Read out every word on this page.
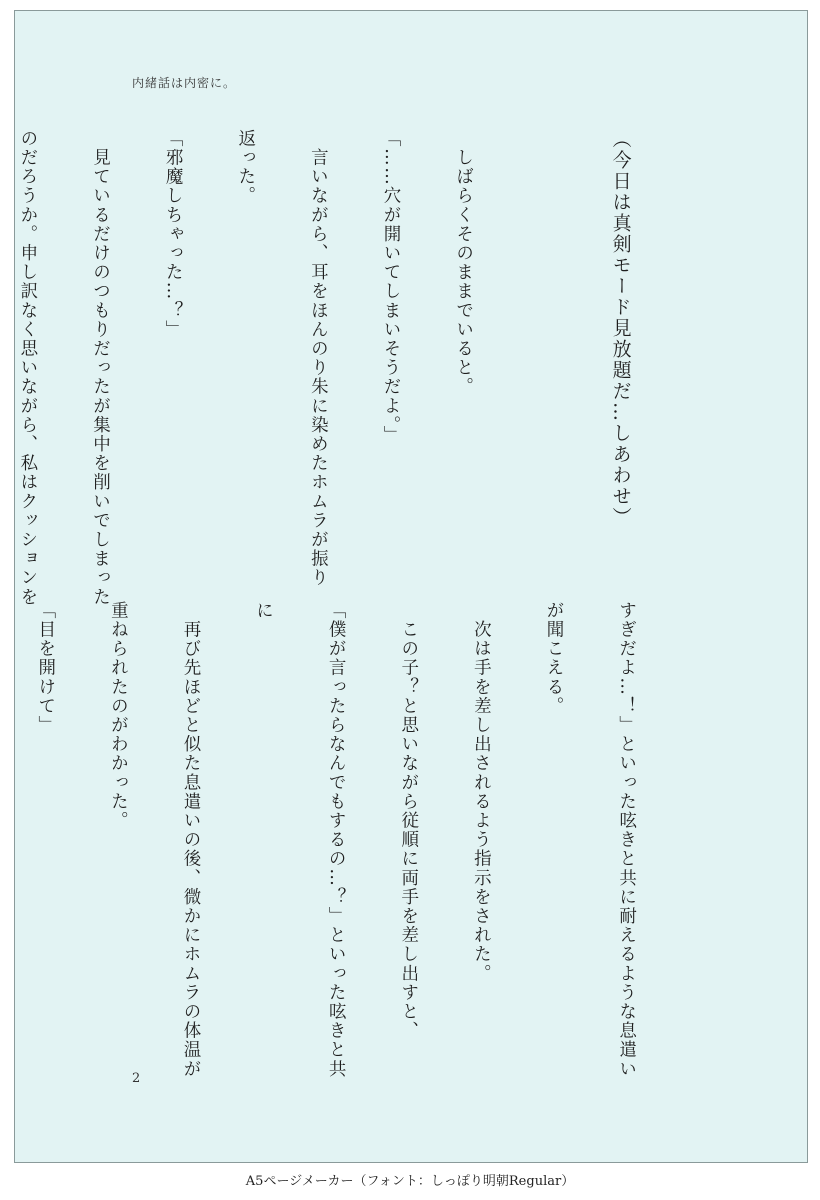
内緒話は内密に。

（今日は真剣モード見放題だ…しあわせ）

　しばらくそのままでいると。

「……穴が開いてしまいそうだよ。」

　言いながら、耳をほんのり朱に染めたホムラが振り

返った。

「邪魔しちゃった…？」

　見ているだけのつもりだったが集中を削いでしまった

のだろうか。申し訳なく思いながら、私はクッションを

すぎだよ…！」といった呟きと共に耐えるような息遣い

が聞こえる。

　次は手を差し出されるよう指示をされた。

　この子？と思いながら従順に両手を差し出すと、

「僕が言ったらなんでもするの…？」といった呟きと共

に

　再び先ほどと似た息遣いの後、微かにホムラの体温が

重ねられたのがわかった。

「目を開けて」

2
A5ページメーカー（フォント：しっぽり明朝Regular）
